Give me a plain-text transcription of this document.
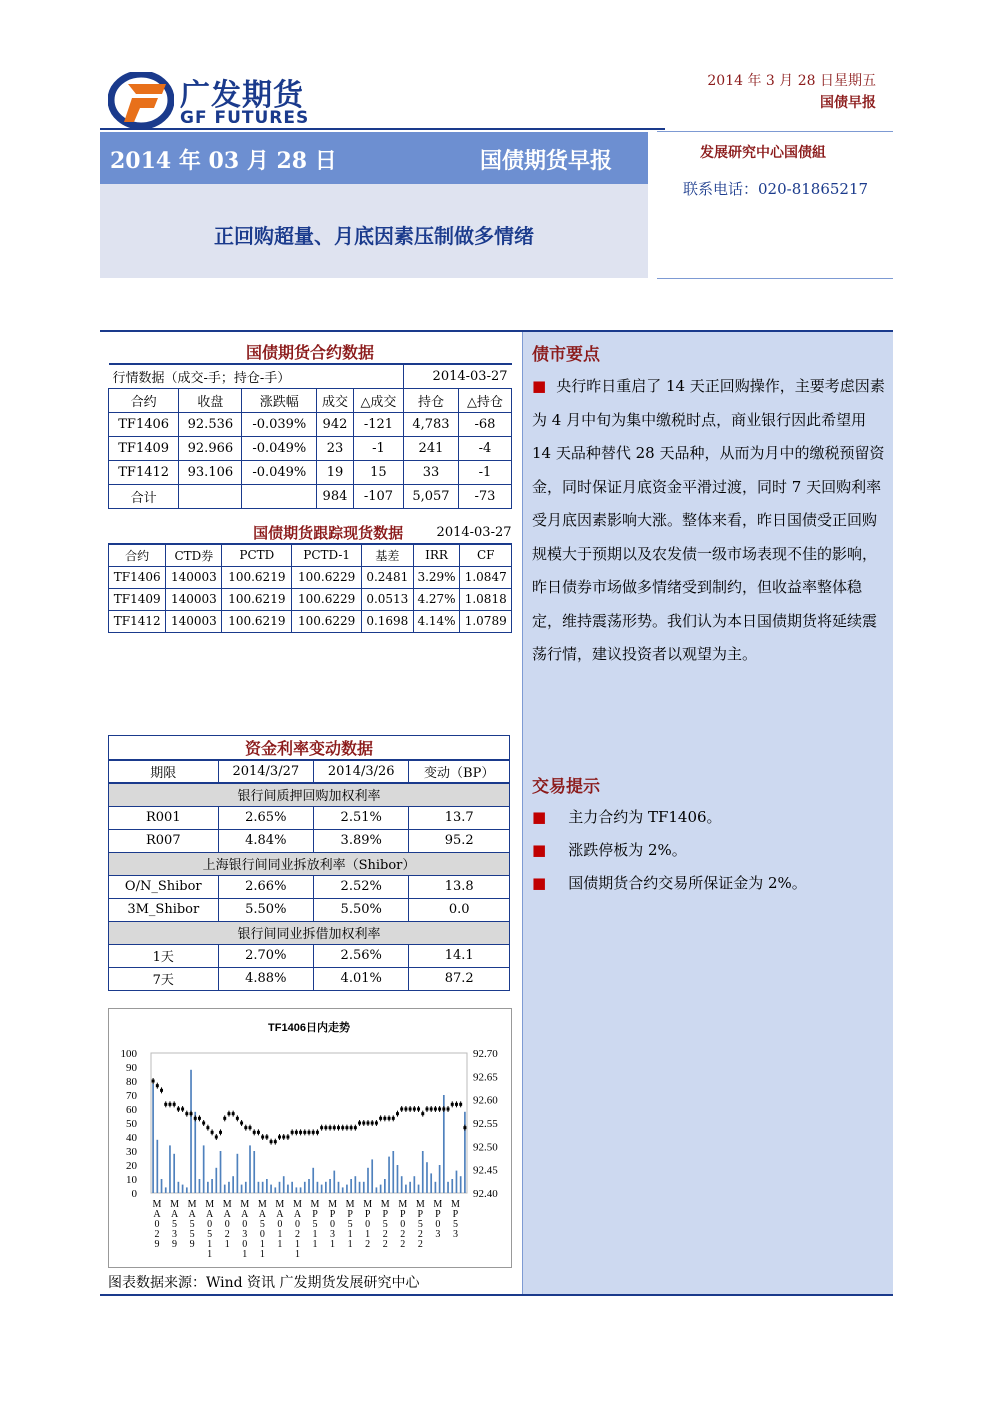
广发期货
GF FUTURES
2014 年 3 月 28 日星期五
国债早报
2014 年 03 月 28 日	国债期货早报
正回购超量、月底因素压制做多情绪
发展研究中心国债組
联系电话：020-81865217
国债期货合约数据						
行情数据（成交-手；持仓-手）					2014-03-27	
合约	收盘	涨跌幅	成交	△成交	持仓	△持仓
TF1406	92.536	-0.039%	942	-121	4,783	-68
TF1409	92.966	-0.049%	23	-1	241	-4
TF1412	93.106	-0.049%	19	15	33	-1
合计			984	-107	5,057	-73
国债期货跟踪现货数据					2014-03-27	
合约	CTD券	PCTD	PCTD-1	基差	IRR	CF
TF1406	140003	100.6219	100.6229	0.2481	3.29%	1.0847
TF1409	140003	100.6219	100.6229	0.0513	4.27%	1.0818
TF1412	140003	100.6219	100.6229	0.1698	4.14%	1.0789
资金利率变动数据			
期限	2014/3/27	2014/3/26	变动（BP）
银行间质押回购加权利率			
R001	2.65%	2.51%	13.7
R007	4.84%	3.89%	95.2
上海银行间同业拆放利率（Shibor）			
O/N_Shibor	2.66%	2.52%	13.8
3M_Shibor	5.50%	5.50%	0.0
银行间同业拆借加权利率			
1天	2.70%	2.56%	14.1
7天	4.88%	4.01%	87.2
TF1406日内走势
100
90
80
70
60
50
40
30
20
10
0
92.70
92.65
92.60
92.55
92.50
92.45
92.40
M A 0 2 9
M A 5 3 9
M A 5 5 9
M A 0 5 1 1
M A 0 2 1
M A 0 3 0 1
M A 5 0 1 1
M A 0 1 1
M A 0 2 1 1
M P 5 1 1
M P 0 3 1
M P 5 1 1
M P 0 1 2
M P 5 2 2
M P 0 2 2
M P 5 2 2
M P 0 3
M P 5 3
图表数据来源：Wind 资讯 广发期货发展研究中心
债市要点
■ 央行昨日重启了 14 天正回购操作，主要考虑因素为 4 月中旬为集中缴税时点，商业银行因此希望用 14 天品种替代 28 天品种，从而为月中的缴税预留资金，同时保证月底资金平滑过渡，同时 7 天回购利率受月底因素影响大涨。整体来看，昨日国债受正回购规模大于预期以及农发债一级市场表现不佳的影响，昨日债券市场做多情绪受到制约，但收益率整体稳定，维持震荡形势。我们认为本日国债期货将延续震荡行情，建议投资者以观望为主。
交易提示
■ 主力合约为 TF1406。
■ 涨跌停板为 2%。
■ 国债期货合约交易所保证金为 2%。
